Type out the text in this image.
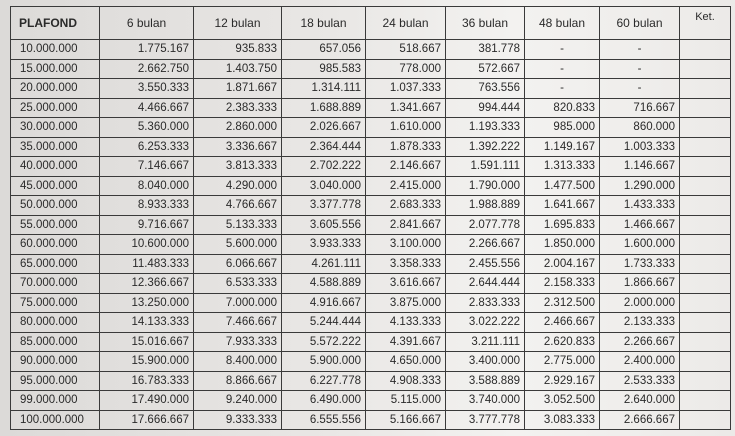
PLAFOND	6 bulan	12 bulan	18 bulan	24 bulan	36 bulan	48 bulan	60 bulan	Ket.
10.000.000	1.775.167	935.833	657.056	518.667	381.778	-	-	
15.000.000	2.662.750	1.403.750	985.583	778.000	572.667	-	-	
20.000.000	3.550.333	1.871.667	1.314.111	1.037.333	763.556	-	-	
25.000.000	4.466.667	2.383.333	1.688.889	1.341.667	994.444	820.833	716.667	
30.000.000	5.360.000	2.860.000	2.026.667	1.610.000	1.193.333	985.000	860.000	
35.000.000	6.253.333	3.336.667	2.364.444	1.878.333	1.392.222	1.149.167	1.003.333	
40.000.000	7.146.667	3.813.333	2.702.222	2.146.667	1.591.111	1.313.333	1.146.667	
45.000.000	8.040.000	4.290.000	3.040.000	2.415.000	1.790.000	1.477.500	1.290.000	
50.000.000	8.933.333	4.766.667	3.377.778	2.683.333	1.988.889	1.641.667	1.433.333	
55.000.000	9.716.667	5.133.333	3.605.556	2.841.667	2.077.778	1.695.833	1.466.667	
60.000.000	10.600.000	5.600.000	3.933.333	3.100.000	2.266.667	1.850.000	1.600.000	
65.000.000	11.483.333	6.066.667	4.261.111	3.358.333	2.455.556	2.004.167	1.733.333	
70.000.000	12.366.667	6.533.333	4.588.889	3.616.667	2.644.444	2.158.333	1.866.667	
75.000.000	13.250.000	7.000.000	4.916.667	3.875.000	2.833.333	2.312.500	2.000.000	
80.000.000	14.133.333	7.466.667	5.244.444	4.133.333	3.022.222	2.466.667	2.133.333	
85.000.000	15.016.667	7.933.333	5.572.222	4.391.667	3.211.111	2.620.833	2.266.667	
90.000.000	15.900.000	8.400.000	5.900.000	4.650.000	3.400.000	2.775.000	2.400.000	
95.000.000	16.783.333	8.866.667	6.227.778	4.908.333	3.588.889	2.929.167	2.533.333	
99.000.000	17.490.000	9.240.000	6.490.000	5.115.000	3.740.000	3.052.500	2.640.000	
100.000.000	17.666.667	9.333.333	6.555.556	5.166.667	3.777.778	3.083.333	2.666.667	
